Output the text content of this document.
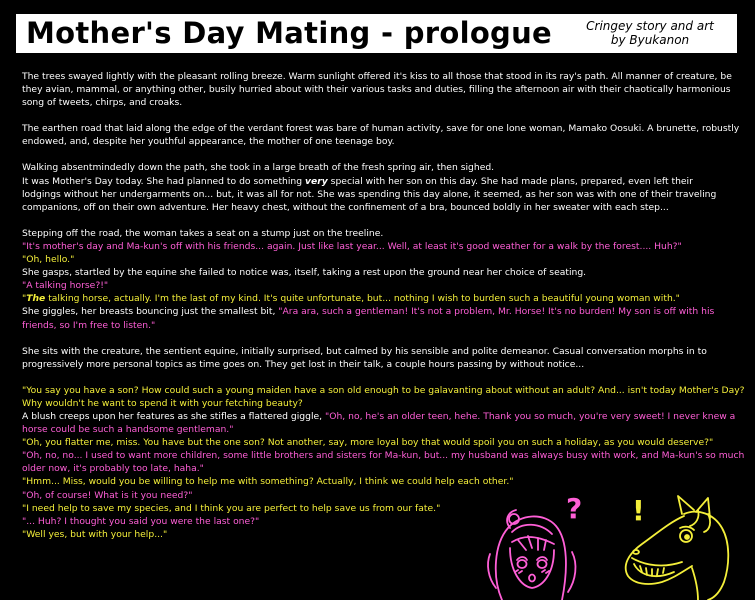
Mother's Day Mating - prologue	Cringey story and art
by Byukanon

The trees swayed lightly with the pleasant rolling breeze. Warm sunlight offered it's kiss to all those that stood in its ray's path. All manner of creature, be

they avian, mammal, or anything other, busily hurried about with their various tasks and duties, filling the afternoon air with their chaotically harmonious

song of tweets, chirps, and croaks.

The earthen road that laid along the edge of the verdant forest was bare of human activity, save for one lone woman, Mamako Oosuki. A brunette, robustly

endowed, and, despite her youthful appearance, the mother of one teenage boy.

Walking absentmindedly down the path, she took in a large breath of the fresh spring air, then sighed.

It was Mother's Day today. She had planned to do something very special with her son on this day. She had made plans, prepared, even left their

lodgings without her undergarments on... but, it was all for not. She was spending this day alone, it seemed, as her son was with one of their traveling

companions, off on their own adventure. Her heavy chest, without the confinement of a bra, bounced boldly in her sweater with each step...

Stepping off the road, the woman takes a seat on a stump just on the treeline.

"It's mother's day and Ma-kun's off with his friends... again. Just like last year... Well, at least it's good weather for a walk by the forest.... Huh?"

"Oh, hello."

She gasps, startled by the equine she failed to notice was, itself, taking a rest upon the ground near her choice of seating.

"A talking horse?!"

"The talking horse, actually. I'm the last of my kind. It's quite unfortunate, but... nothing I wish to burden such a beautiful young woman with."

She giggles, her breasts bouncing just the smallest bit, "Ara ara, such a gentleman! It's not a problem, Mr. Horse! It's no burden! My son is off with his

friends, so I'm free to listen."

She sits with the creature, the sentient equine, initially surprised, but calmed by his sensible and polite demeanor. Casual conversation morphs in to

progressively more personal topics as time goes on. They get lost in their talk, a couple hours passing by without notice...

"You say you have a son? How could such a young maiden have a son old enough to be galavanting about without an adult? And... isn't today Mother's Day?

Why wouldn't he want to spend it with your fetching beauty?

A blush creeps upon her features as she stifles a flattered giggle, "Oh, no, he's an older teen, hehe. Thank you so much, you're very sweet! I never knew a

horse could be such a handsome gentleman."

"Oh, you flatter me, miss. You have but the one son? Not another, say, more loyal boy that would spoil you on such a holiday, as you would deserve?"

"Oh, no, no... I used to want more children, some little brothers and sisters for Ma-kun, but... my husband was always busy with work, and Ma-kun's so much

older now, it's probably too late, haha."

"Hmm... Miss, would you be willing to help me with something? Actually, I think we could help each other."

"Oh, of course! What is it you need?"

"I need help to save my species, and I think you are perfect to help save us from our fate."

"... Huh? I thought you said you were the last one?"

"Well yes, but with your help..."

? !
